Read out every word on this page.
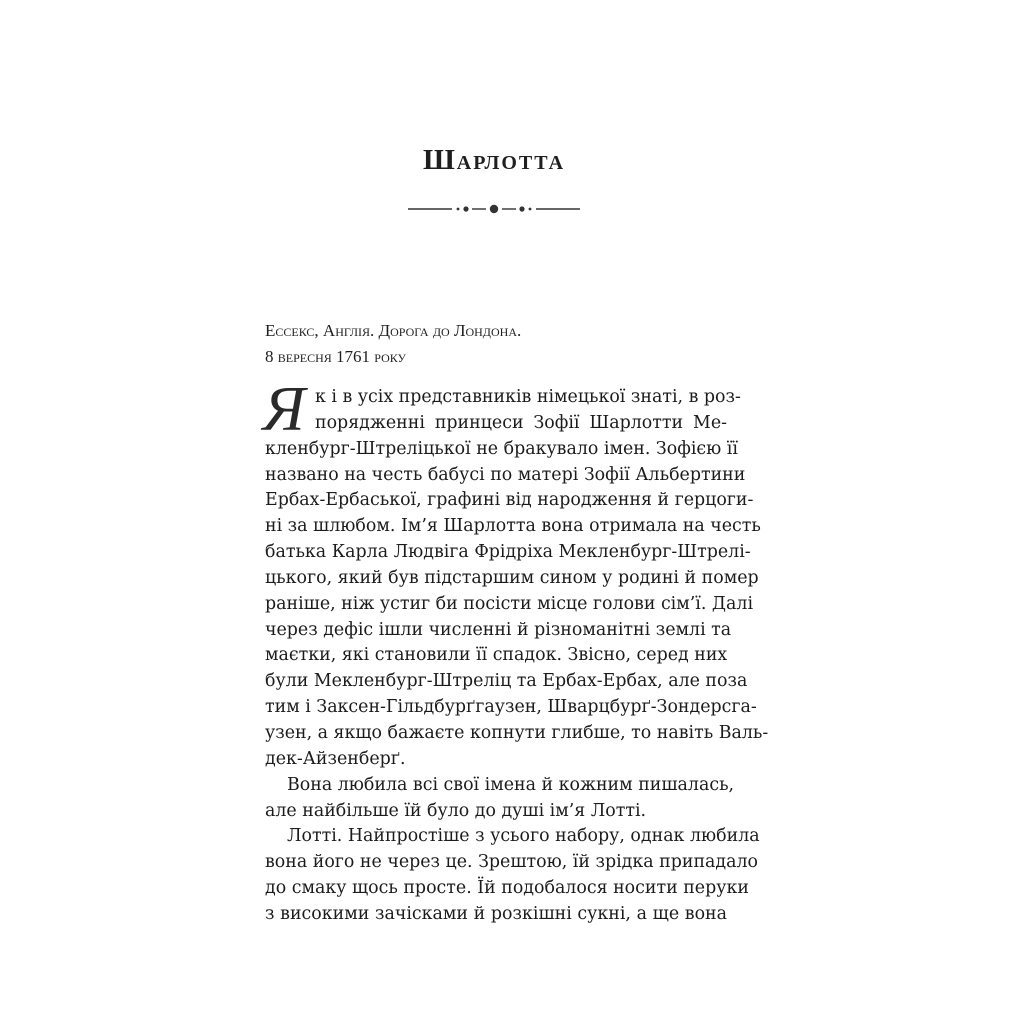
Шарлотта
Ессекс, Англія. Дорога до Лондона.
8 вересня 1761 року
Я к і в усіх представників німецької знаті, в роз-
порядженні принцеси Зофії Шарлотти Ме-
кленбург-Штреліцької не бракувало імен. Зофією її
названо на честь бабусі по матері Зофії Альбертини
Ербах-Ербаської, графині від народження й герцоги-
ні за шлюбом. Ім’я Шарлотта вона отримала на честь
батька Карла Людвіга Фрідріха Мекленбург-Штрелі-
цького, який був підстаршим сином у родині й помер
раніше, ніж устиг би посісти місце голови сім’ї. Далі
через дефіс ішли численні й різноманітні землі та
маєтки, які становили її спадок. Звісно, серед них
були Мекленбург-Штреліц та Ербах-Ербах, але поза
тим і Заксен-Гільдбурґгаузен, Шварцбурґ-Зондерсга-
узен, а якщо бажаєте копнути глибше, то навіть Валь-
дек-Айзенберґ.
Вона любила всі свої імена й кожним пишалась,
але найбільше їй було до душі ім’я Лотті.
Лотті. Найпростіше з усього набору, однак любила
вона його не через це. Зрештою, їй зрідка припадало
до смаку щось просте. Їй подобалося носити перуки
з високими зачісками й розкішні сукні, а ще вона
